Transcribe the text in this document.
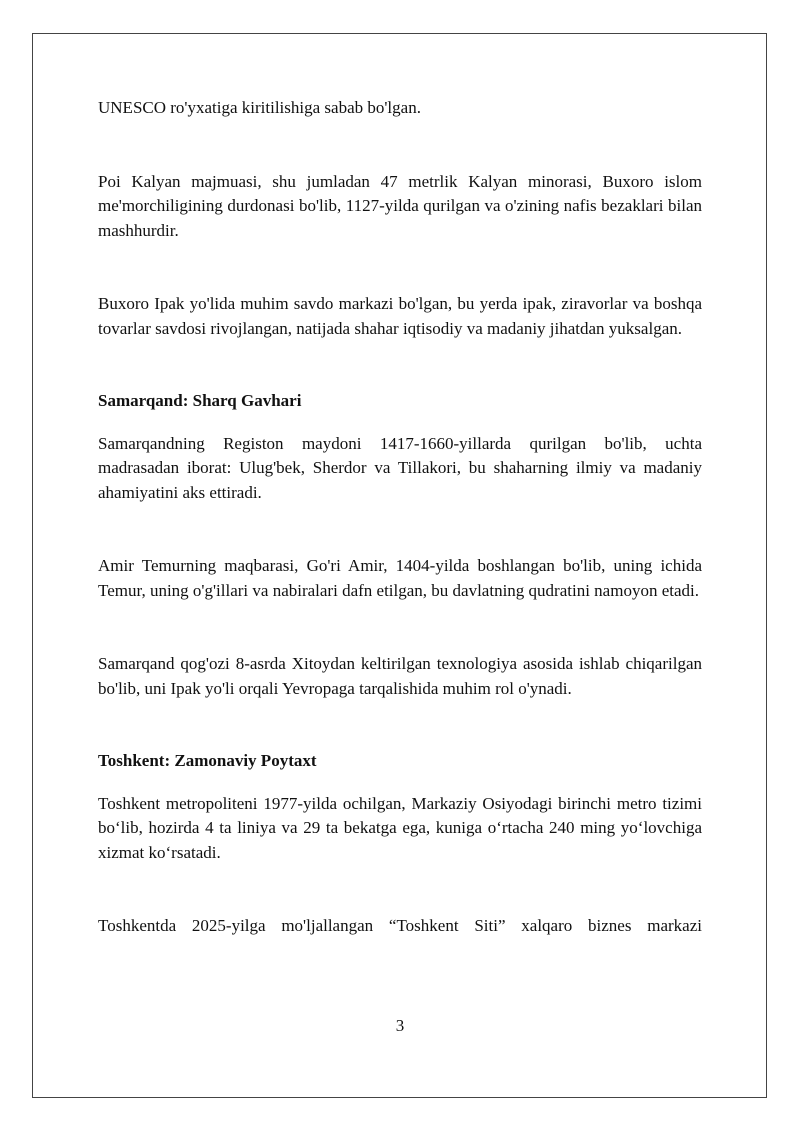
UNESCO ro'yxatiga kiritilishiga sabab bo'lgan.

Poi Kalyan majmuasi, shu jumladan 47 metrlik Kalyan minorasi, Buxoro islom me'morchiligining durdonasi bo'lib, 1127-yilda qurilgan va o'zining nafis bezaklari bilan mashhurdir.

Buxoro Ipak yo'lida muhim savdo markazi bo'lgan, bu yerda ipak, ziravorlar va boshqa tovarlar savdosi rivojlangan, natijada shahar iqtisodiy va madaniy jihatdan yuksalgan.

Samarqand: Sharq Gavhari

Samarqandning Registon maydoni 1417-1660-yillarda qurilgan bo'lib, uchta madrasadan iborat: Ulug'bek, Sherdor va Tillakori, bu shaharning ilmiy va madaniy ahamiyatini aks ettiradi.

Amir Temurning maqbarasi, Go'ri Amir, 1404-yilda boshlangan bo'lib, uning ichida Temur, uning o'g'illari va nabiralari dafn etilgan, bu davlatning qudratini namoyon etadi.

Samarqand qog'ozi 8-asrda Xitoydan keltirilgan texnologiya asosida ishlab chiqarilgan bo'lib, uni Ipak yo'li orqali Yevropaga tarqalishida muhim rol o'ynadi.

Toshkent: Zamonaviy Poytaxt

Toshkent metropoliteni 1977-yilda ochilgan, Markaziy Osiyodagi birinchi metro tizimi bo‘lib, hozirda 4 ta liniya va 29 ta bekatga ega, kuniga o‘rtacha 240 ming yo‘lovchiga xizmat ko‘rsatadi.

Toshkentda 2025-yilga mo'ljallangan “Toshkent Siti” xalqaro biznes markazi

3
